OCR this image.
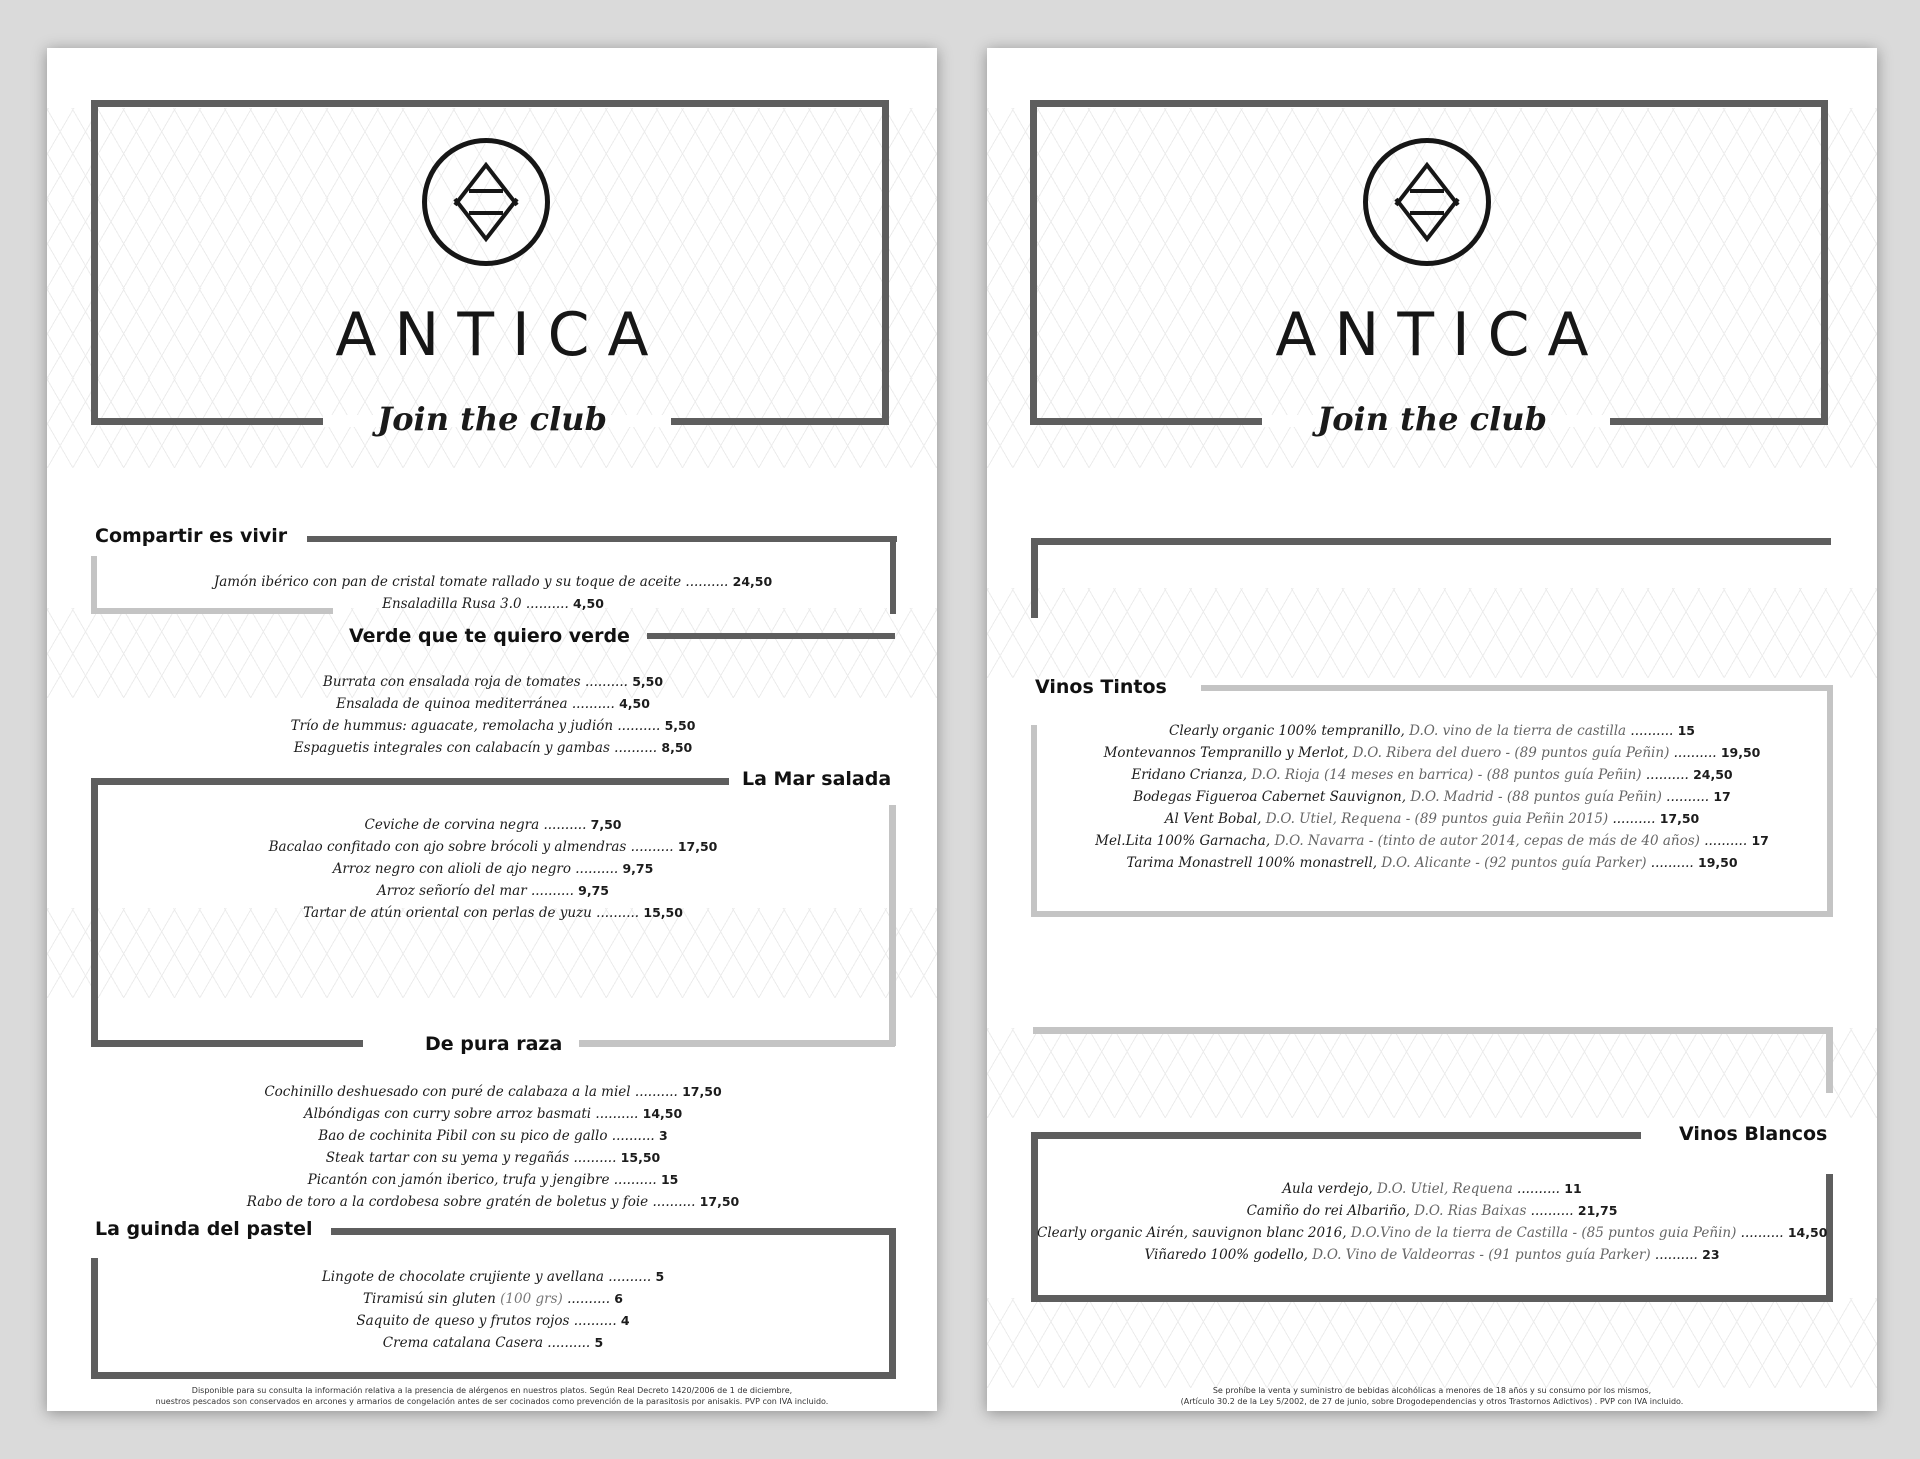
ANTICA
Join the club
Compartir es vivir
Jamón ibérico con pan de cristal tomate rallado y su toque de aceite .......... 24,50
Ensaladilla Rusa 3.0 .......... 4,50
Verde que te quiero verde
Burrata con ensalada roja de tomates .......... 5,50
Ensalada de quinoa mediterránea .......... 4,50
Trío de hummus: aguacate, remolacha y judión .......... 5,50
Espaguetis integrales con calabacín y gambas .......... 8,50
La Mar salada
Ceviche de corvina negra .......... 7,50
Bacalao confitado con ajo sobre brócoli y almendras .......... 17,50
Arroz negro con alioli de ajo negro .......... 9,75
Arroz señorío del mar .......... 9,75
Tartar de atún oriental con perlas de yuzu .......... 15,50
De pura raza
Cochinillo deshuesado con puré de calabaza a la miel .......... 17,50
Albóndigas con curry sobre arroz basmati .......... 14,50
Bao de cochinita Pibil con su pico de gallo .......... 3
Steak tartar con su yema y regañás .......... 15,50
Picantón con jamón iberico, trufa y jengibre .......... 15
Rabo de toro a la cordobesa sobre gratén de boletus y foie .......... 17,50
La guinda del pastel
Lingote de chocolate crujiente y avellana .......... 5
Tiramisú sin gluten (100 grs) .......... 6
Saquito de queso y frutos rojos .......... 4
Crema catalana Casera .......... 5
Disponible para su consulta la información relativa a la presencia de alérgenos en nuestros platos. Según Real Decreto 1420/2006 de 1 de diciembre,
nuestros pescados son conservados en arcones y armarios de congelación antes de ser cocinados como prevención de la parasitosis por anisakis. PVP con IVA incluido.
ANTICA
Join the club
Vinos Tintos
Clearly organic 100% tempranillo, D.O. vino de la tierra de castilla .......... 15
Montevannos Tempranillo y Merlot, D.O. Ribera del duero - (89 puntos guía Peñin) .......... 19,50
Eridano Crianza, D.O. Rioja (14 meses en barrica) - (88 puntos guía Peñin) .......... 24,50
Bodegas Figueroa Cabernet Sauvignon, D.O. Madrid - (88 puntos guía Peñin) .......... 17
Al Vent Bobal, D.O. Utiel, Requena - (89 puntos guia Peñin 2015) .......... 17,50
Mel.Lita 100% Garnacha, D.O. Navarra - (tinto de autor 2014, cepas de más de 40 años) .......... 17
Tarima Monastrell 100% monastrell, D.O. Alicante - (92 puntos guía Parker) .......... 19,50
Vinos Blancos
Aula verdejo, D.O. Utiel, Requena .......... 11
Camiño do rei Albariño, D.O. Rias Baixas .......... 21,75
Clearly organic Airén, sauvignon blanc 2016, D.O.Vino de la tierra de Castilla - (85 puntos guia Peñin) .......... 14,50
Viñaredo 100% godello, D.O. Vino de Valdeorras - (91 puntos guía Parker) .......... 23
Se prohíbe la venta y suministro de bebidas alcohólicas a menores de 18 años y su consumo por los mismos,
(Artículo 30.2 de la Ley 5/2002, de 27 de junio, sobre Drogodependencias y otros Trastornos Adictivos) . PVP con IVA incluido.
